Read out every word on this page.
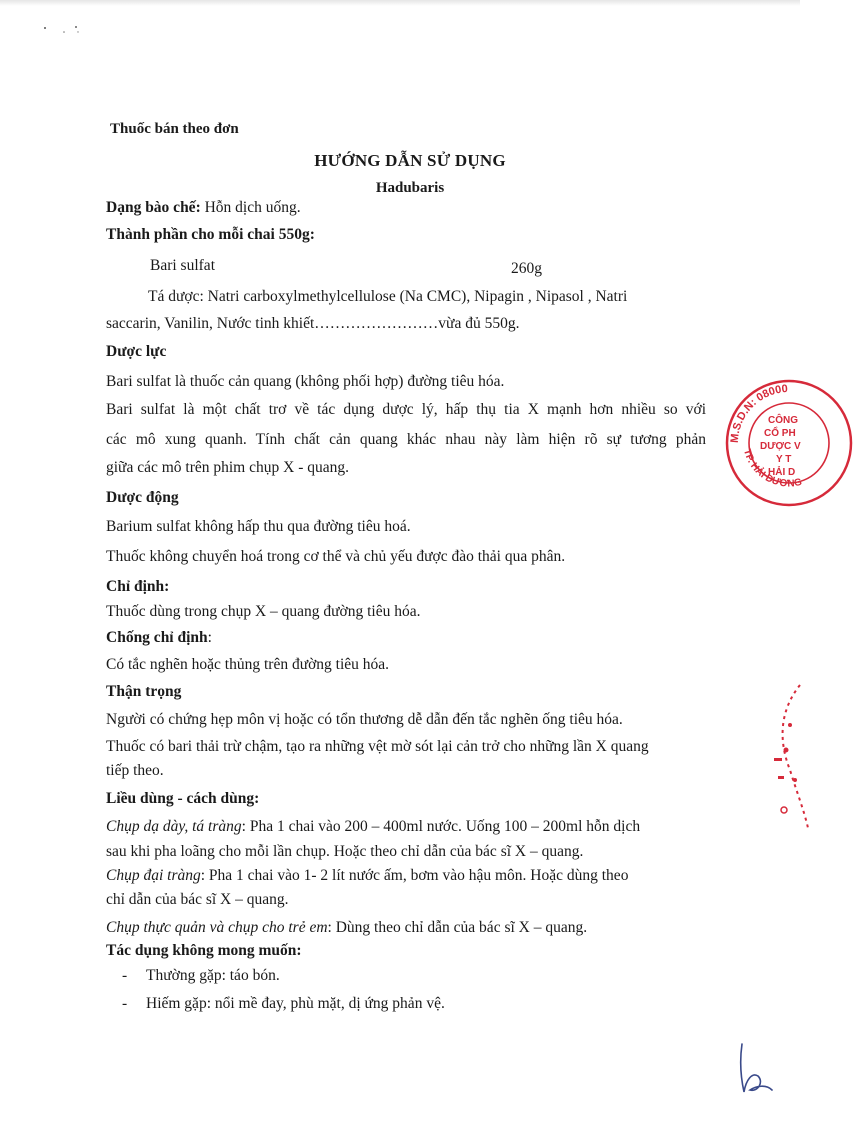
Thuốc bán theo đơn
HƯỚNG DẪN SỬ DỤNG
Hadubaris
Dạng bào chế: Hỗn dịch uống.
Thành phần cho mỗi chai 550g:
Bari sulfat	260g
Tá dược: Natri carboxylmethylcellulose (Na CMC), Nipagin , Nipasol , Natri
saccarin, Vanilin, Nước tinh khiết……………………vừa đủ 550g.
Dược lực
Bari sulfat là thuốc cản quang (không phối hợp) đường tiêu hóa.
Bari sulfat là một chất trơ về tác dụng dược lý, hấp thụ tia X mạnh hơn nhiều so với
các mô xung quanh. Tính chất cản quang khác nhau này làm hiện rõ sự tương phản
giữa các mô trên phim chụp X - quang.
Dược động
Barium sulfat không hấp thu qua đường tiêu hoá.
Thuốc không chuyển hoá trong cơ thể và chủ yếu được đào thải qua phân.
Chỉ định:
Thuốc dùng trong chụp X – quang đường tiêu hóa.
Chống chỉ định:
Có tắc nghẽn hoặc thủng trên đường tiêu hóa.
Thận trọng
Người có chứng hẹp môn vị hoặc có tổn thương dễ dẫn đến tắc nghẽn ống tiêu hóa.
Thuốc có bari thải trừ chậm, tạo ra những vệt mờ sót lại cản trở cho những lần X quang
tiếp theo.
Liều dùng - cách dùng:
Chụp dạ dày, tá tràng: Pha 1 chai vào 200 – 400ml nước. Uống 100 – 200ml hỗn dịch
sau khi pha loãng cho mỗi lần chụp. Hoặc theo chỉ dẫn của bác sĩ X – quang.
Chụp đại tràng: Pha 1 chai vào 1- 2 lít nước ấm, bơm vào hậu môn. Hoặc dùng theo
chỉ dẫn của bác sĩ X – quang.
Chụp thực quản và chụp cho trẻ em: Dùng theo chỉ dẫn của bác sĩ X – quang.
Tác dụng không mong muốn:
- Thường gặp: táo bón.
- Hiếm gặp: nổi mề đay, phù mặt, dị ứng phản vệ.
M.S.D.N: 08000
TP. HẢI DƯƠNG
CÔNG
CỔ PH
DƯỢC V
Y T
HẢI D
